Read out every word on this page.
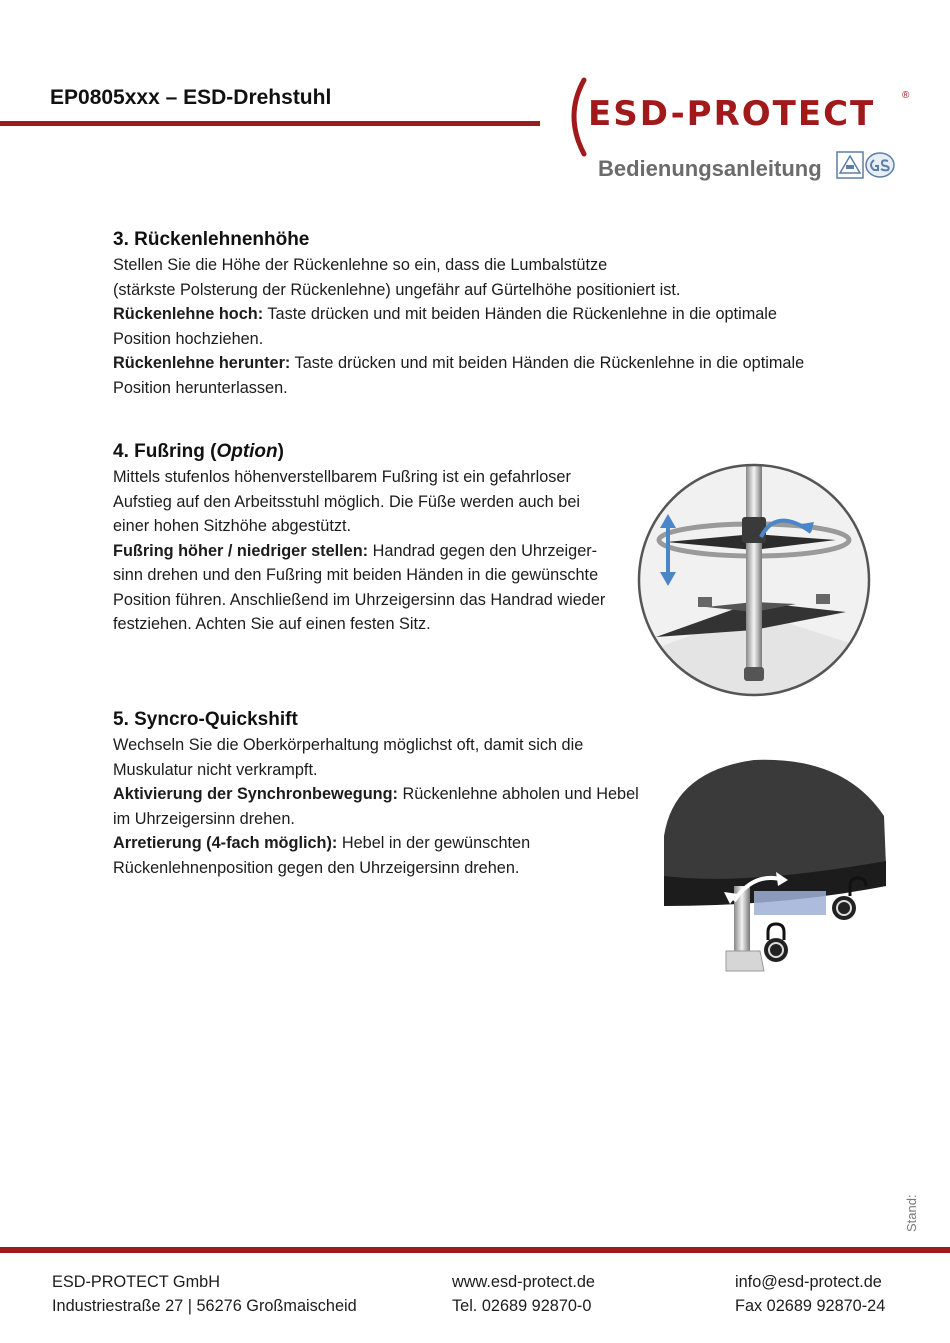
EP0805xxx – ESD-Drehstuhl	ESD-PROTECT	®
Bedienungsanleitung
3. Rückenlehnenhöhe

Stellen Sie die Höhe der Rückenlehne so ein, dass die Lumbalstütze
(stärkste Polsterung der Rückenlehne) ungefähr auf Gürtelhöhe positioniert ist.

Rückenlehne hoch: Taste drücken und mit beiden Händen die Rückenlehne in die optimale Position hochziehen.

Rückenlehne herunter: Taste drücken und mit beiden Händen die Rückenlehne in die optimale Position herunterlassen.

4. Fußring (Option)

Mittels stufenlos höhenverstellbarem Fußring ist ein gefahrloser Aufstieg auf den Arbeitsstuhl möglich. Die Füße werden auch bei einer hohen Sitzhöhe abgestützt.

Fußring höher / niedriger stellen: Handrad gegen den Uhrzeiger-sinn drehen und den Fußring mit beiden Händen in die gewünschte Position führen. Anschließend im Uhrzeigersinn das Handrad wieder festziehen. Achten Sie auf einen festen Sitz.

5. Syncro-Quickshift

Wechseln Sie die Oberkörperhaltung möglichst oft, damit sich die Muskulatur nicht verkrampft.

Aktivierung der Synchronbewegung: Rückenlehne abholen und Hebel im Uhrzeigersinn drehen.

Arretierung (4-fach möglich): Hebel in der gewünschten Rückenlehnenposition gegen den Uhrzeigersinn drehen.

Stand:
ESD-PROTECT GmbH
Industriestraße 27 | 56276 Großmaischeid
www.esd-protect.de
Tel. 02689 92870-0
info@esd-protect.de
Fax 02689 92870-24
